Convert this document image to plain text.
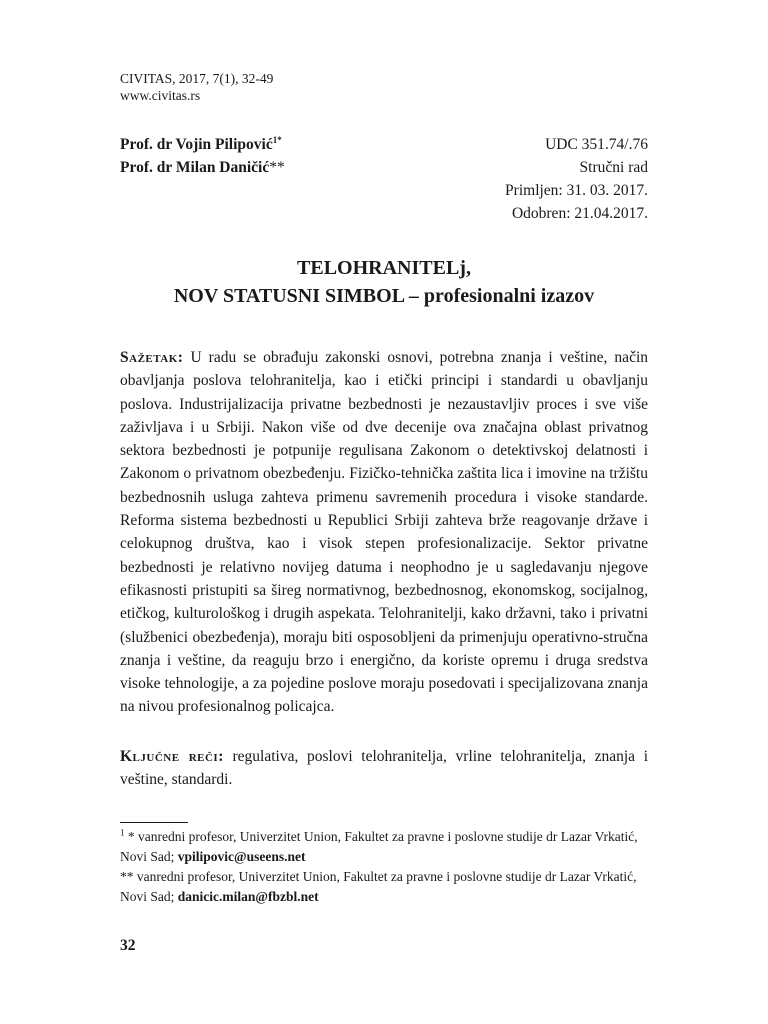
CIVITAS, 2017, 7(1), 32-49
www.civitas.rs
Prof. dr Vojin Pilipović$^{1*}$
Prof. dr Milan Daničić**
UDC 351.74/.76
Stručni rad
Primljen: 31. 03. 2017.
Odobren: 21.04.2017.
TELOHRANITELj,
NOV STATUSNI SIMBOL – profesionalni izazov
Sažetak: U radu se obrađuju zakonski osnovi, potrebna znanja i veštine, način obavljanja poslova telohranitelja, kao i etički principi i standardi u obavljanju poslova. Industrijalizacija privatne bezbednosti je nezaustavljiv proces i sve više zaživljava i u Srbiji. Nakon više od dve decenije ova značajna oblast privatnog sektora bezbednosti je potpunije regulisana Zakonom o detektivskoj delatnosti i Zakonom o privatnom obezbeđenju. Fizičko-tehnička zaštita lica i imovine na tržištu bezbednosnih usluga zahteva primenu savremenih procedura i visoke standarde. Reforma sistema bezbednosti u Republici Srbiji zahteva brže reagovanje države i celokupnog društva, kao i visok stepen profesionalizacije. Sektor privatne bezbednosti je relativno novijeg datuma i neophodno je u sagledavanju njegove efikasnosti pristupiti sa šireg normativnog, bezbednosnog, ekonomskog, socijalnog, etičkog, kulturološkog i drugih aspekata. Telohranitelji, kako državni, tako i privatni (službenici obezbeđenja), moraju biti osposobljeni da primenjuju operativno-stručna znanja i veštine, da reaguju brzo i energično, da koriste opremu i druga sredstva visoke tehnologije, a za pojedine poslove moraju posedovati i specijalizovana znanja na nivou profesionalnog policajca.
Ključne reči: regulativa, poslovi telohranitelja, vrline telohranitelja, znanja i veštine, standardi.
$^1$ * vanredni profesor, Univerzitet Union, Fakultet za pravne i poslovne studije dr Lazar Vrkatić, Novi Sad; vpilipovic@useens.net
** vanredni profesor, Univerzitet Union, Fakultet za pravne i poslovne studije dr Lazar Vrkatić, Novi Sad; danicic.milan@fbzbl.net
32
